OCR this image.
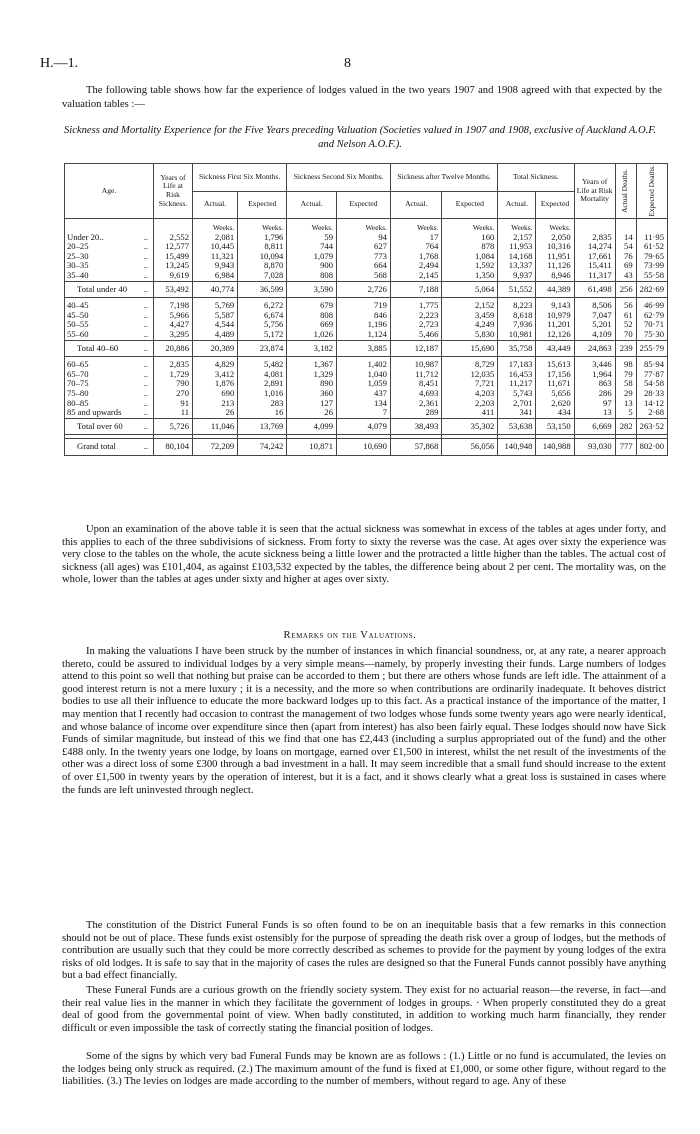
H.—1.	8
The following table shows how far the experience of lodges valued in the two years 1907 and 1908 agreed with that expected by the valuation tables :—
Sickness and Mortality Experience for the Five Years preceding Valuation (Societies valued in 1907 and 1908, exclusive of Auckland A.O.F. and Nelson A.O.F.).
Age.	Years of Life at Risk Sickness.	Sickness First Six Months.		Sickness Second Six Months.		Sickness after Twelve Months.		Total Sickness.		Years of Life at Risk Mortality	Actual Deaths.	Expected Deaths.

		Actual.	Expected	Actual.	Expected	Actual.	Expected	Actual.	Expected			
		Weeks.	Weeks.	Weeks.	Weeks.	Weeks.	Weeks.	Weeks.	Weeks.			
Under 20.. ..	2,552	2,081	1,796	59	94	17	160	2,157	2,050	2,835	14	11·95
20–25 ..	12,577	10,445	8,811	744	627	764	878	11,953	10,316	14,274	54	61·52
25–30 ..	15,499	11,321	10,094	1,079	773	1,768	1,084	14,168	11,951	17,661	76	79·65
30–35 ..	13,245	9,943	8,870	900	664	2,494	1,592	13,337	11,126	15,411	69	73·99
35–40 ..	9,619	6,984	7,028	808	568	2,145	1,350	9,937	8,946	11,317	43	55·58
Total under 40 ..	53,492	40,774	36,599	3,590	2,726	7,188	5,064	51,552	44,389	61,498	256	282·69

40–45 ..	7,198	5,769	6,272	679	719	1,775	2,152	8,223	9,143	8,506	56	46·99
45–50 ..	5,966	5,587	6,674	808	846	2,223	3,459	8,618	10,979	7,047	61	62·79
50–55 ..	4,427	4,544	5,756	669	1,196	2,723	4,249	7,936	11,201	5,201	52	70·71
55–60 ..	3,295	4,489	5,172	1,026	1,124	5,466	5,830	10,981	12,126	4,109	70	75·30
Total 40–60 ..	20,886	20,389	23,874	3,182	3,885	12,187	15,690	35,758	43,449	24,863	239	255·79

60–65 ..	2,835	4,829	5,482	1,367	1,402	10,987	8,729	17,183	15,613	3,446	98	85·94
65–70 ..	1,729	3,412	4,081	1,329	1,040	11,712	12,035	16,453	17,156	1,964	79	77·87
70–75 ..	790	1,876	2,891	890	1,059	8,451	7,721	11,217	11,671	863	58	54·58
75–80 ..	270	690	1,016	360	437	4,693	4,203	5,743	5,656	286	29	28·33
80–85 ..	91	213	283	127	134	2,361	2,203	2,701	2,620	97	13	14·12
85 and upwards ..	11	26	16	26	7	289	411	341	434	13	5	2·68
Total over 60 ..	5,726	11,046	13,769	4,099	4,079	38,493	35,302	53,638	53,150	6,669	282	263·52

Grand total ..	80,104	72,209	74,242	10,871	10,690	57,868	56,056	140,948	140,988	93,030	777	802·00
Upon an examination of the above table it is seen that the actual sickness was somewhat in excess of the tables at ages under forty, and this applies to each of the three subdivisions of sickness. From forty to sixty the reverse was the case. At ages over sixty the experience was very close to the tables on the whole, the acute sickness being a little lower and the protracted a little higher than the tables. The actual cost of sickness (all ages) was £101,404, as against £103,532 expected by the tables, the difference being about 2 per cent. The mortality was, on the whole, lower than the tables at ages under sixty and higher at ages over sixty.
Remarks on the Valuations.
In making the valuations I have been struck by the number of instances in which financial soundness, or, at any rate, a nearer approach thereto, could be assured to individual lodges by a very simple means—namely, by properly investing their funds. Large numbers of lodges attend to this point so well that nothing but praise can be accorded to them ; but there are others whose funds are left idle. The attainment of a good interest return is not a mere luxury ; it is a necessity, and the more so when contributions are ordinarily inadequate. It behoves district bodies to use all their influence to educate the more backward lodges up to this fact. As a practical instance of the importance of the matter, I may mention that I recently had occasion to contrast the management of two lodges whose funds some twenty years ago were nearly identical, and whose balance of income over expenditure since then (apart from interest) has also been fairly equal. These lodges should now have Sick Funds of similar magnitude, but instead of this we find that one has £2,443 (including a surplus appropriated out of the fund) and the other £488 only. In the twenty years one lodge, by loans on mortgage, earned over £1,500 in interest, whilst the net result of the investments of the other was a direct loss of some £300 through a bad investment in a hall. It may seem incredible that a small fund should increase to the extent of over £1,500 in twenty years by the operation of interest, but it is a fact, and it shows clearly what a great loss is sustained in cases where the funds are left uninvested through neglect.
The constitution of the District Funeral Funds is so often found to be on an inequitable basis that a few remarks in this connection should not be out of place. These funds exist ostensibly for the purpose of spreading the death risk over a group of lodges, but the methods of contribution are usually such that they could be more correctly described as schemes to provide for the payment by young lodges of the extra risks of old lodges. It is safe to say that in the majority of cases the rules are designed so that the Funeral Funds cannot possibly have anything but a bad effect financially.
These Funeral Funds are a curious growth on the friendly society system. They exist for no actuarial reason—the reverse, in fact—and their real value lies in the manner in which they facilitate the government of lodges in groups. · When properly constituted they do a great deal of good from the governmental point of view. When badly constituted, in addition to working much harm financially, they render difficult or even impossible the task of correctly stating the financial position of lodges.
Some of the signs by which very bad Funeral Funds may be known are as follows : (1.) Little or no fund is accumulated, the levies on the lodges being only struck as required. (2.) The maximum amount of the fund is fixed at £1,000, or some other figure, without regard to the liabilities. (3.) The levies on lodges are made according to the number of members, without regard to age. Any of these
